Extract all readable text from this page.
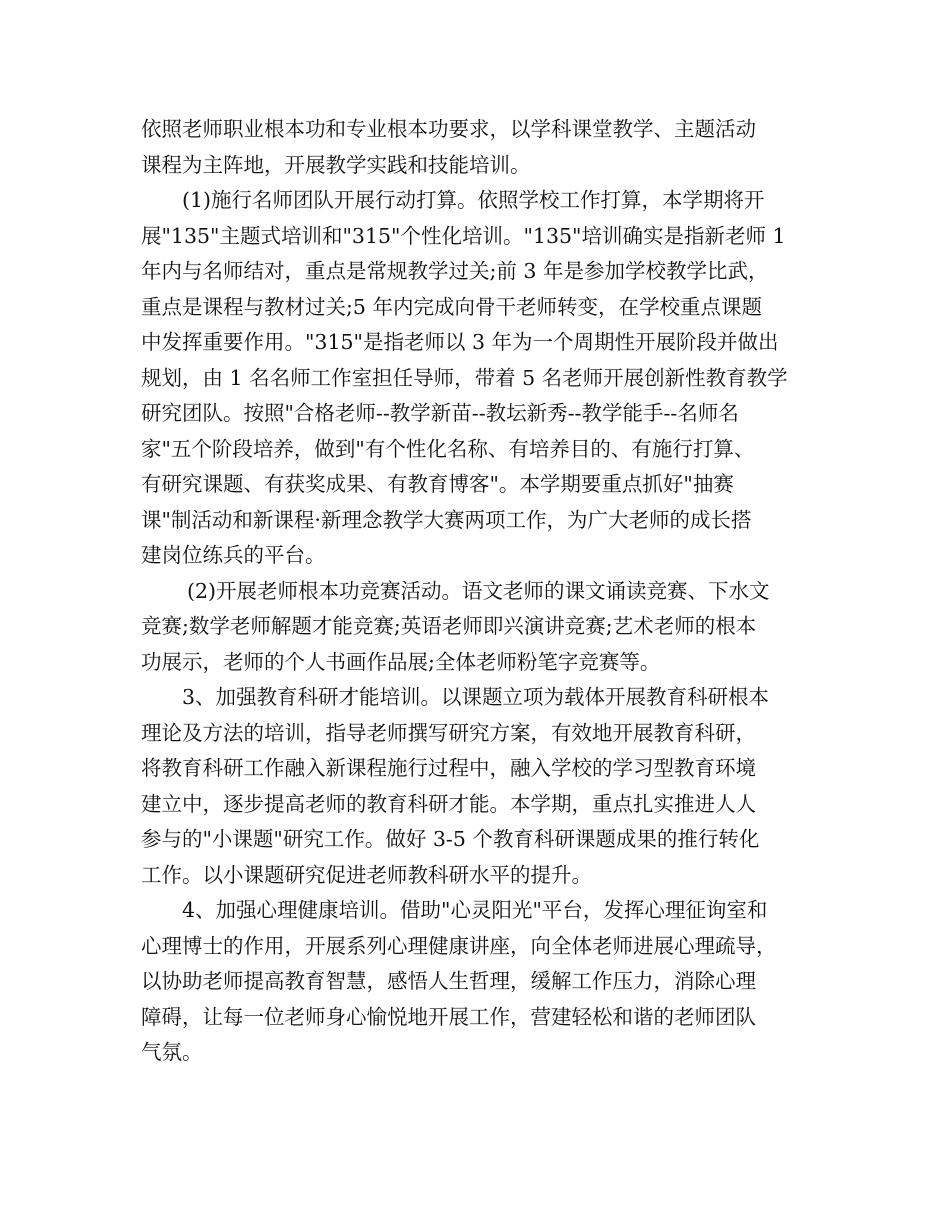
依照老师职业根本功和专业根本功要求，以学科课堂教学、主题活动
课程为主阵地，开展教学实践和技能培训。
(1)施行名师团队开展行动打算。依照学校工作打算，本学期将开
展"135"主题式培训和"315"个性化培训。"135"培训确实是指新老师 1
年内与名师结对，重点是常规教学过关;前 3 年是参加学校教学比武，
重点是课程与教材过关;5 年内完成向骨干老师转变，在学校重点课题
中发挥重要作用。"315"是指老师以 3 年为一个周期性开展阶段并做出
规划，由 1 名名师工作室担任导师，带着 5 名老师开展创新性教育教学
研究团队。按照"合格老师--教学新苗--教坛新秀--教学能手--名师名
家"五个阶段培养，做到"有个性化名称、有培养目的、有施行打算、
有研究课题、有获奖成果、有教育博客"。本学期要重点抓好"抽赛
课"制活动和新课程·新理念教学大赛两项工作，为广大老师的成长搭
建岗位练兵的平台。
(2)开展老师根本功竞赛活动。语文老师的课文诵读竞赛、下水文
竞赛;数学老师解题才能竞赛;英语老师即兴演讲竞赛;艺术老师的根本
功展示，老师的个人书画作品展;全体老师粉笔字竞赛等。
3、加强教育科研才能培训。以课题立项为载体开展教育科研根本
理论及方法的培训，指导老师撰写研究方案，有效地开展教育科研，
将教育科研工作融入新课程施行过程中，融入学校的学习型教育环境
建立中，逐步提高老师的教育科研才能。本学期，重点扎实推进人人
参与的"小课题"研究工作。做好 3-5 个教育科研课题成果的推行转化
工作。以小课题研究促进老师教科研水平的提升。
4、加强心理健康培训。借助"心灵阳光"平台，发挥心理征询室和
心理博士的作用，开展系列心理健康讲座，向全体老师进展心理疏导，
以协助老师提高教育智慧，感悟人生哲理，缓解工作压力，消除心理
障碍，让每一位老师身心愉悦地开展工作，营建轻松和谐的老师团队
气氛。
